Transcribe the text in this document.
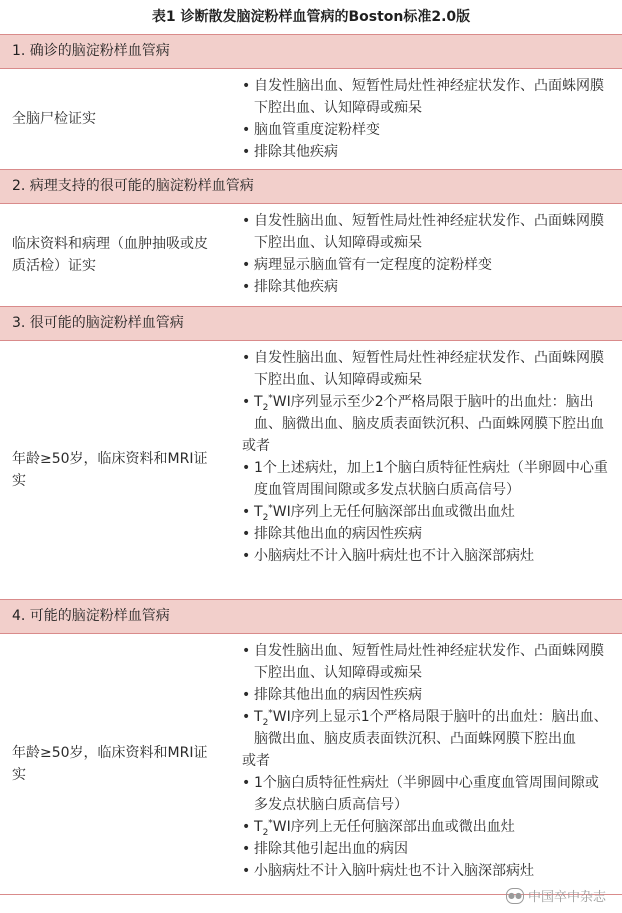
表1 诊断散发脑淀粉样血管病的Boston标准2.0版
1. 确诊的脑淀粉样血管病
全脑尸检证实
• 自发性脑出血、短暂性局灶性神经症状发作、凸面蛛网膜下腔出血、认知障碍或痴呆
• 脑血管重度淀粉样变
• 排除其他疾病
2. 病理支持的很可能的脑淀粉样血管病
临床资料和病理（血肿抽吸或皮质活检）证实
• 自发性脑出血、短暂性局灶性神经症状发作、凸面蛛网膜下腔出血、认知障碍或痴呆
• 病理显示脑血管有一定程度的淀粉样变
• 排除其他疾病
3. 很可能的脑淀粉样血管病
年龄≥50岁，临床资料和MRI证实
• 自发性脑出血、短暂性局灶性神经症状发作、凸面蛛网膜下腔出血、认知障碍或痴呆
• $T_2^*WI$序列显示至少2个严格局限于脑叶的出血灶：脑出血、脑微出血、脑皮质表面铁沉积、凸面蛛网膜下腔出血
或者
• 1个上述病灶，加上1个脑白质特征性病灶（半卵圆中心重度血管周围间隙或多发点状脑白质高信号）
• $T_2^*WI$序列上无任何脑深部出血或微出血灶
• 排除其他出血的病因性疾病
• 小脑病灶不计入脑叶病灶也不计入脑深部病灶
4. 可能的脑淀粉样血管病
年龄≥50岁，临床资料和MRI证实
• 自发性脑出血、短暂性局灶性神经症状发作、凸面蛛网膜下腔出血、认知障碍或痴呆
• 排除其他出血的病因性疾病
• $T_2^*WI$序列上显示1个严格局限于脑叶的出血灶：脑出血、脑微出血、脑皮质表面铁沉积、凸面蛛网膜下腔出血
或者
• 1个脑白质特征性病灶（半卵圆中心重度血管周围间隙或多发点状脑白质高信号）
• $T_2^*WI$序列上无任何脑深部出血或微出血灶
• 排除其他引起出血的病因
• 小脑病灶不计入脑叶病灶也不计入脑深部病灶
●● 中国卒中杂志
